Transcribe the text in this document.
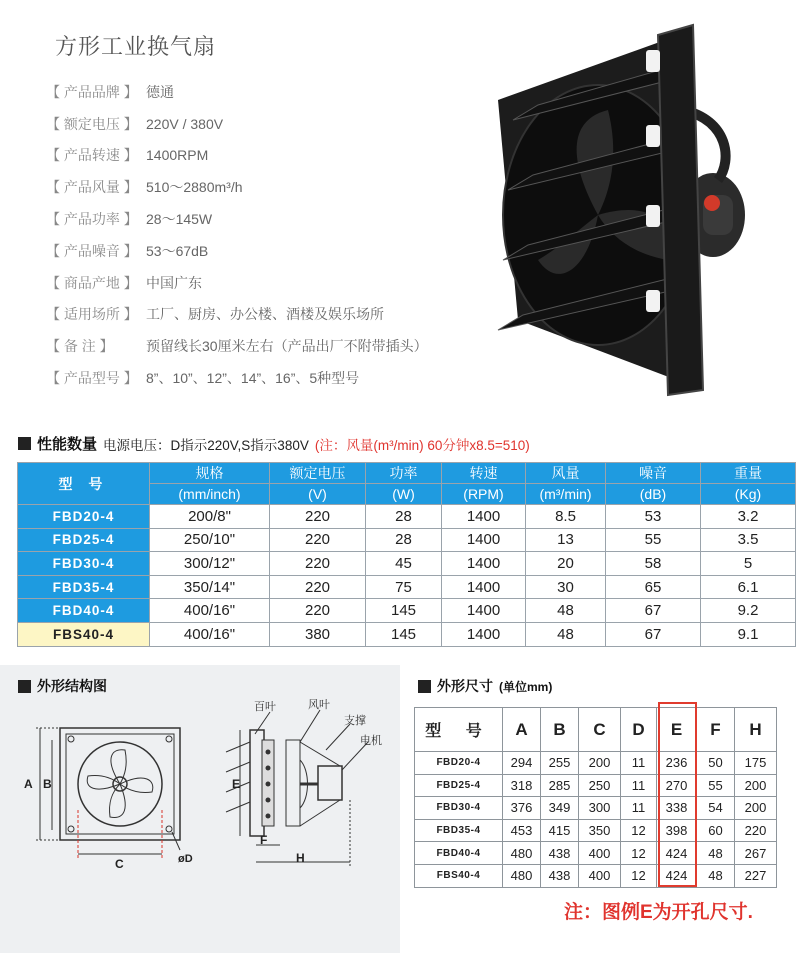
方形工业换气扇
【 产品品牌 】 德通
【 额定电压 】 220V / 380V
【 产品转速 】 1400RPM
【 产品风量 】 510～2880m³/h
【 产品功率 】 28～145W
【 产品噪音 】 53～67dB
【 商品产地 】 中国广东
【 适用场所 】 工厂、厨房、办公楼、酒楼及娱乐场所
【 备 注 】	预留线长30厘米左右（产品出厂不附带插头）
【 产品型号 】 8”、10”、12”、14”、16”、5种型号
性能数量 电源电压：D指示220V,S指示380V (注：风量(m³/min) 60分钟x8.5=510)
型 号	规格	额定电压	功率	转速	风量	噪音	重量
	(mm/inch)	(V)	(W)	(RPM)	(m³/min)	(dB)	(Kg)
FBD20-4	200/8"	220	28	1400	8.5	53	3.2
FBD25-4	250/10"	220	28	1400	13	55	3.5
FBD30-4	300/12"	220	45	1400	20	58	5
FBD35-4	350/14"	220	75	1400	30	65	6.1
FBD40-4	400/16"	220	145	1400	48	67	9.2
FBS40-4	400/16"	380	145	1400	48	67	9.1
外形结构图
百叶	风叶
支撑
电机
A B
C	øD
E
F
H
外形尺寸 (单位mm)
型 号	A	B	C	D	E	F	H
FBD20-4	294	255	200	11	236	50	175
FBD25-4	318	285	250	11	270	55	200
FBD30-4	376	349	300	11	338	54	200
FBD35-4	453	415	350	12	398	60	220
FBD40-4	480	438	400	12	424	48	267
FBS40-4	480	438	400	12	424	48	227
注：图例E为开孔尺寸.
